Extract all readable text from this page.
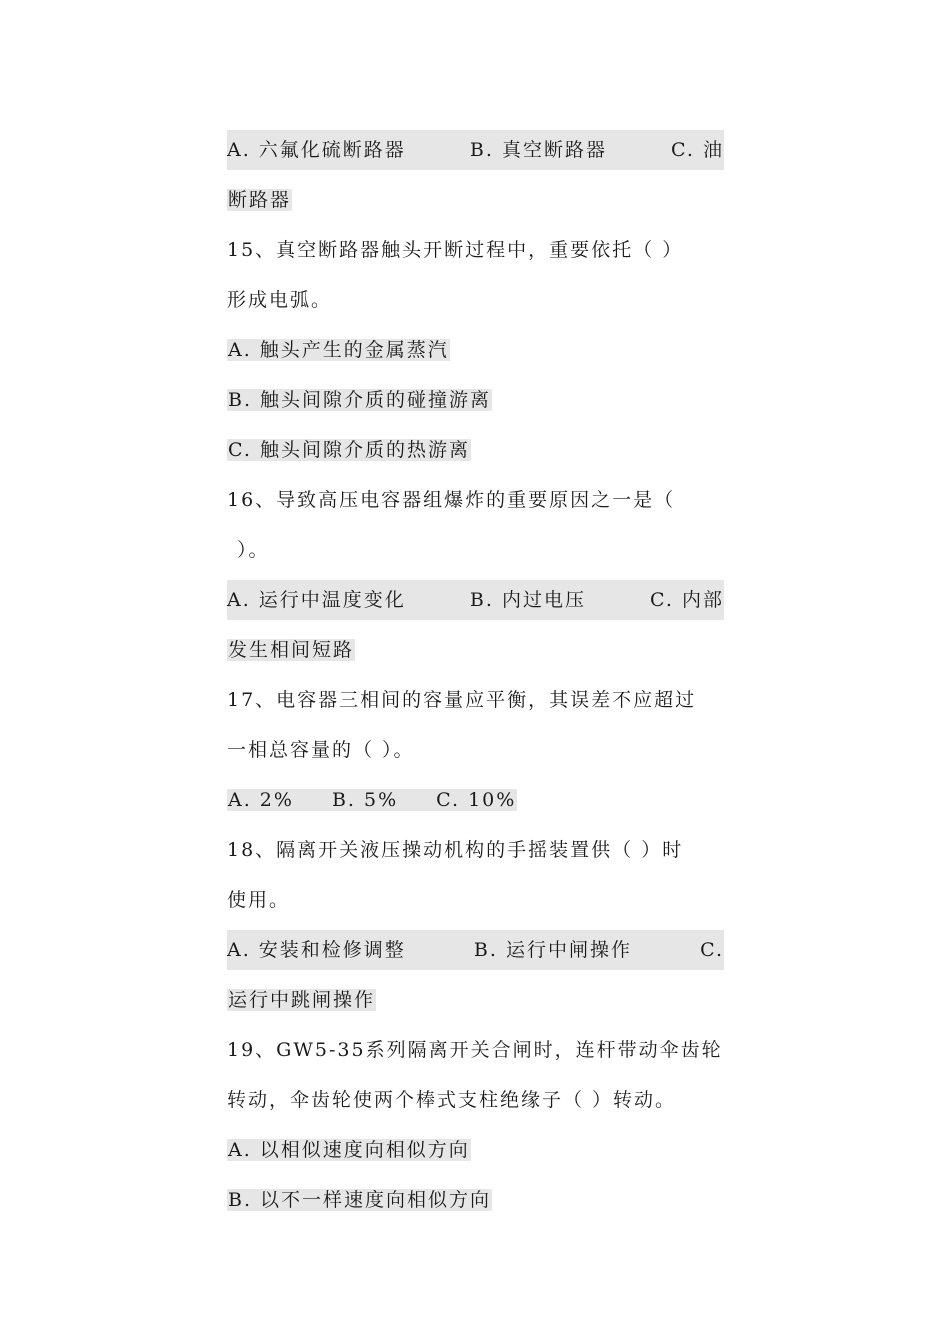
A. 六氟化硫断路器	B. 真空断路器	C. 油
断路器
15、真空断路器触头开断过程中，重要依托（ ）
形成电弧。
A. 触头产生的金属蒸汽
B. 触头间隙介质的碰撞游离
C. 触头间隙介质的热游离
16、导致高压电容器组爆炸的重要原因之一是（
）。
A. 运行中温度变化	B. 内过电压	C. 内部
发生相间短路
17、电容器三相间的容量应平衡，其误差不应超过
一相总容量的（ ）。
A. 2% B. 5% C. 10%
18、隔离开关液压操动机构的手摇装置供（ ）时
使用。
A. 安装和检修调整	B. 运行中闸操作	C.
运行中跳闸操作
19、GW5-35系列隔离开关合闸时，连杆带动伞齿轮
转动，伞齿轮使两个棒式支柱绝缘子（ ）转动。
A. 以相似速度向相似方向
B. 以不一样速度向相似方向
